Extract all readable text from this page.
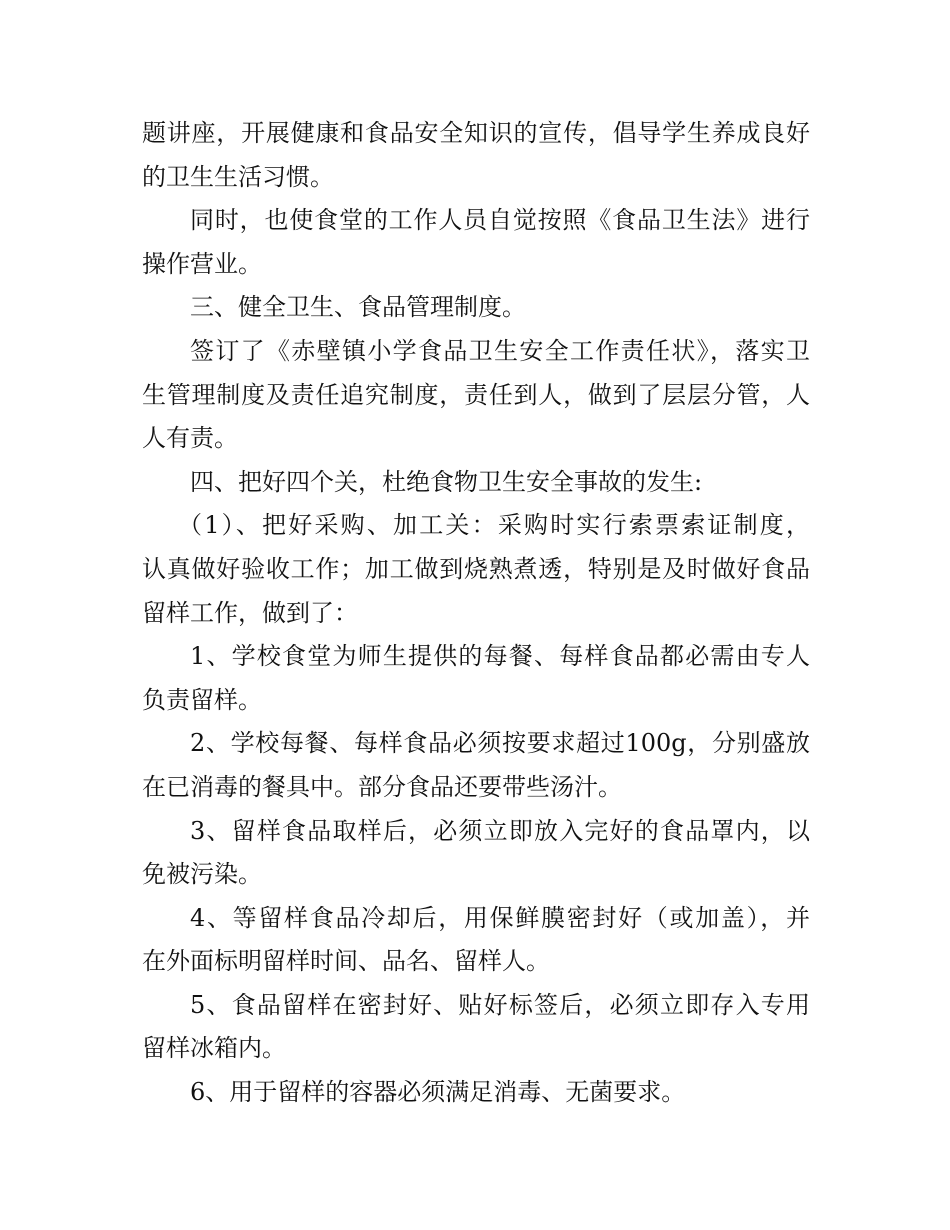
题讲座，开展健康和食品安全知识的宣传，倡导学生养成良好
的卫生生活习惯。
同时，也使食堂的工作人员自觉按照《食品卫生法》进行
操作营业。
三、健全卫生、食品管理制度。
签订了《赤壁镇小学食品卫生安全工作责任状》，落实卫
生管理制度及责任追究制度，责任到人，做到了层层分管，人
人有责。
四、把好四个关，杜绝食物卫生安全事故的发生:
（1）、把好采购、加工关：采购时实行索票索证制度，
认真做好验收工作；加工做到烧熟煮透，特别是及时做好食品
留样工作，做到了：
1、学校食堂为师生提供的每餐、每样食品都必需由专人
负责留样。
2、学校每餐、每样食品必须按要求超过100g，分别盛放
在已消毒的餐具中。部分食品还要带些汤汁。
3、留样食品取样后，必须立即放入完好的食品罩内，以
免被污染。
4、等留样食品冷却后，用保鲜膜密封好（或加盖），并
在外面标明留样时间、品名、留样人。
5、食品留样在密封好、贴好标签后，必须立即存入专用
留样冰箱内。
6、用于留样的容器必须满足消毒、无菌要求。
